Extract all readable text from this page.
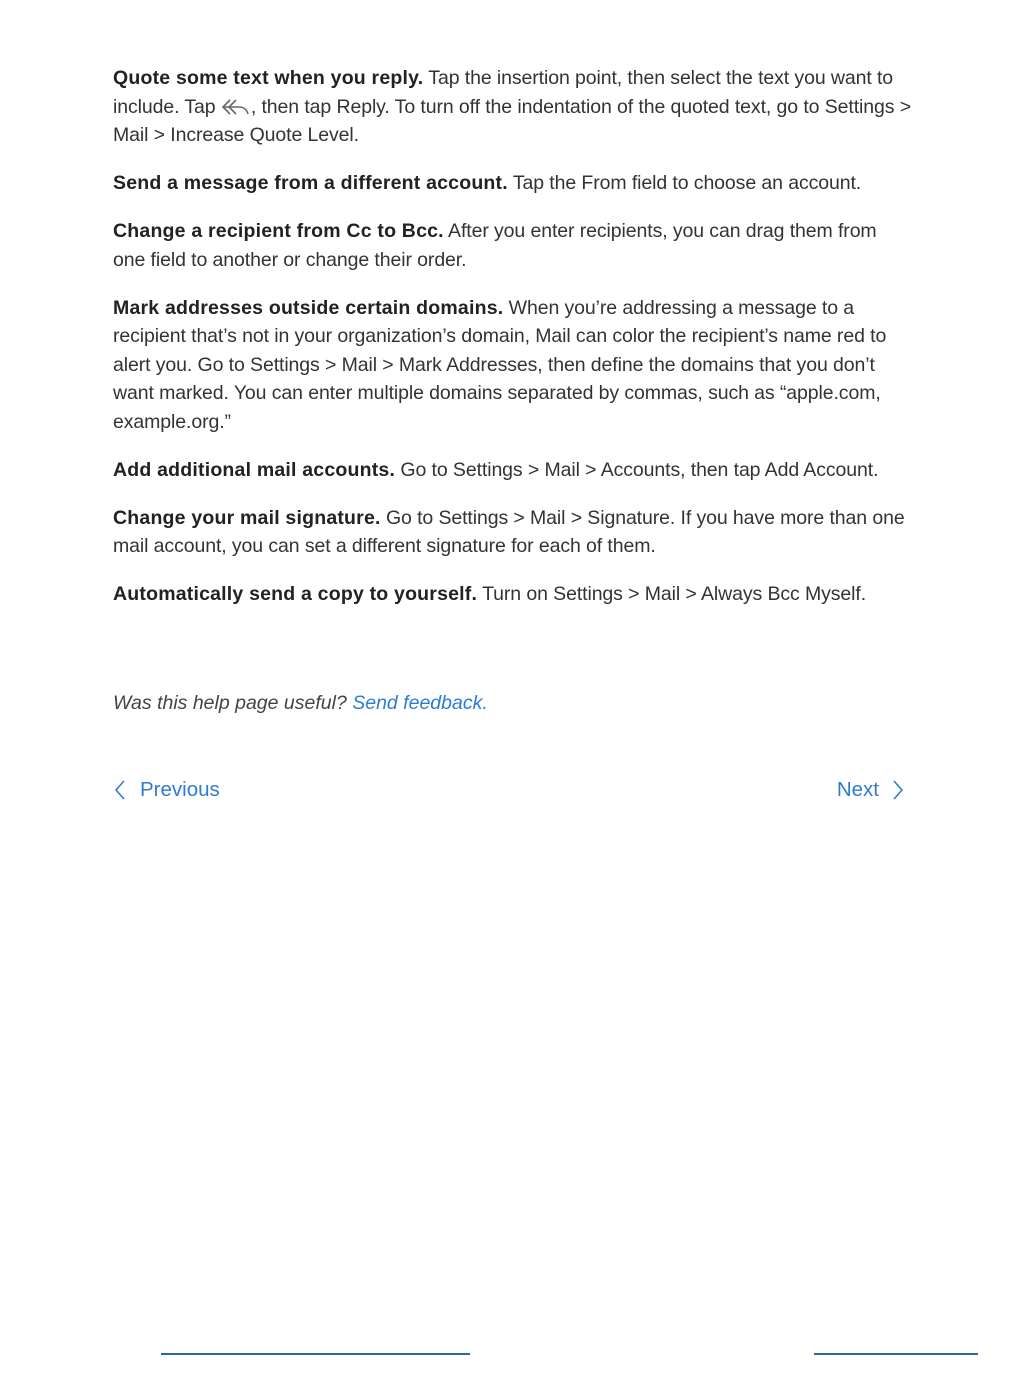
Quote some text when you reply. Tap the insertion point, then select the text you want to include. Tap , then tap Reply. To turn off the indentation of the quoted text, go to Settings > Mail > Increase Quote Level.

Send a message from a different account. Tap the From field to choose an account.

Change a recipient from Cc to Bcc. After you enter recipients, you can drag them from one field to another or change their order.

Mark addresses outside certain domains. When you’re addressing a message to a recipient that’s not in your organization’s domain, Mail can color the recipient’s name red to alert you. Go to Settings > Mail > Mark Addresses, then define the domains that you don’t want marked. You can enter multiple domains separated by commas, such as “apple.com, example.org.”

Add additional mail accounts. Go to Settings > Mail > Accounts, then tap Add Account.

Change your mail signature. Go to Settings > Mail > Signature. If you have more than one mail account, you can set a different signature for each of them.

Automatically send a copy to yourself. Turn on Settings > Mail > Always Bcc Myself.

Was this help page useful? Send feedback.
Previous	Next
